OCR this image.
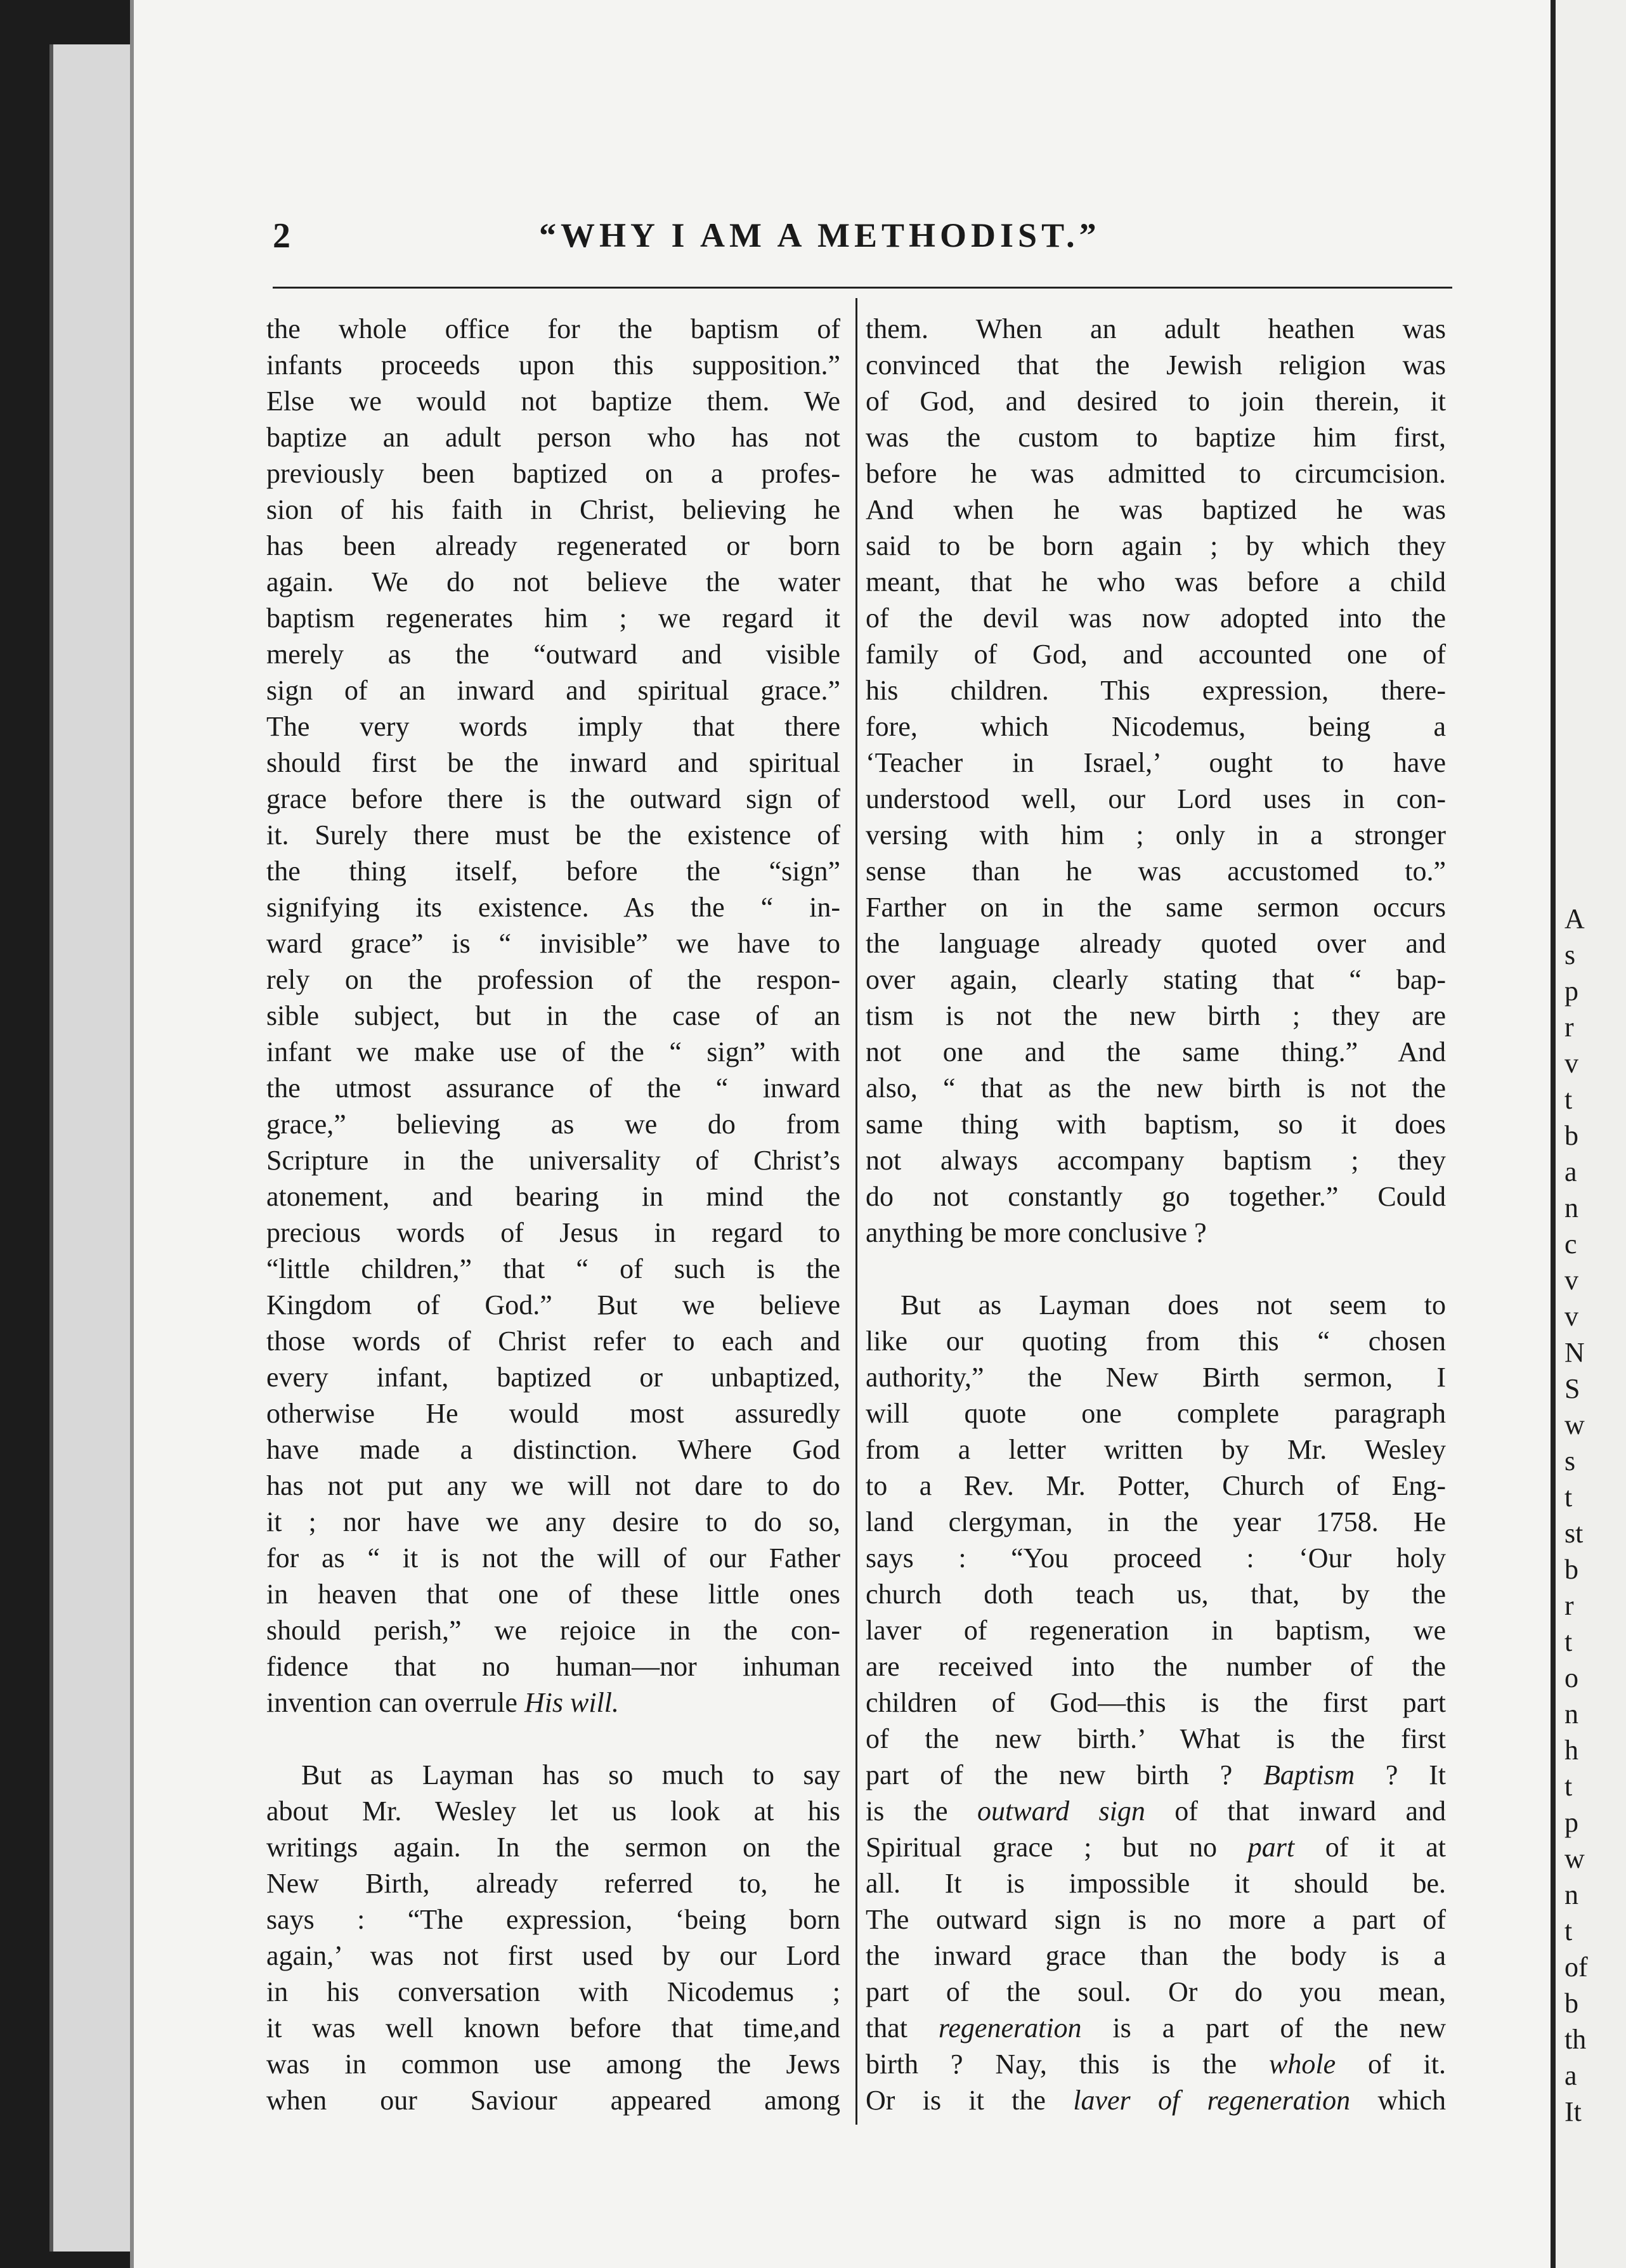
2	“WHY I AM A METHODIST.”
the whole office for the baptism of
infants proceeds upon this supposition.”
Else we would not baptize them. We
baptize an adult person who has not
previously been baptized on a profes-
sion of his faith in Christ, believing he
has been already regenerated or born
again. We do not believe the water
baptism regenerates him ; we regard it
merely as the “outward and visible
sign of an inward and spiritual grace.”
The very words imply that there
should first be the inward and spiritual
grace before there is the outward sign of
it. Surely there must be the existence of
the thing itself, before the “sign”
signifying its existence. As the “ in-
ward grace” is “ invisible” we have to
rely on the profession of the respon-
sible subject, but in the case of an
infant we make use of the “ sign” with
the utmost assurance of the “ inward
grace,” believing as we do from
Scripture in the universality of Christ’s
atonement, and bearing in mind the
precious words of Jesus in regard to
“little children,” that “ of such is the
Kingdom of God.” But we believe
those words of Christ refer to each and
every infant, baptized or unbaptized,
otherwise He would most assuredly
have made a distinction. Where God
has not put any we will not dare to do
it ; nor have we any desire to do so,
for as “ it is not the will of our Father
in heaven that one of these little ones
should perish,” we rejoice in the con-
fidence that no human—nor inhuman
invention can overrule His will.
But as Layman has so much to say
about Mr. Wesley let us look at his
writings again. In the sermon on the
New Birth, already referred to, he
says : “The expression, ‘being born
again,’ was not first used by our Lord
in his conversation with Nicodemus ;
it was well known before that time,and
was in common use among the Jews
when our Saviour appeared among
them. When an adult heathen was
convinced that the Jewish religion was
of God, and desired to join therein, it
was the custom to baptize him first,
before he was admitted to circumcision.
And when he was baptized he was
said to be born again ; by which they
meant, that he who was before a child
of the devil was now adopted into the
family of God, and accounted one of
his children. This expression, there-
fore, which Nicodemus, being a
‘Teacher in Israel,’ ought to have
understood well, our Lord uses in con-
versing with him ; only in a stronger
sense than he was accustomed to.”
Farther on in the same sermon occurs
the language already quoted over and
over again, clearly stating that “ bap-
tism is not the new birth ; they are
not one and the same thing.” And
also, “ that as the new birth is not the
same thing with baptism, so it does
not always accompany baptism ; they
do not constantly go together.” Could
anything be more conclusive ?
But as Layman does not seem to
like our quoting from this “ chosen
authority,” the New Birth sermon, I
will quote one complete paragraph
from a letter written by Mr. Wesley
to a Rev. Mr. Potter, Church of Eng-
land clergyman, in the year 1758. He
says : “You proceed : ‘Our holy
church doth teach us, that, by the
laver of regeneration in baptism, we
are received into the number of the
children of God—this is the first part
of the new birth.’ What is the first
part of the new birth ? Baptism ? It
is the outward sign of that inward and
Spiritual grace ; but no part of it at
all. It is impossible it should be.
The outward sign is no more a part of
the inward grace than the body is a
part of the soul. Or do you mean,
that regeneration is a part of the new
birth ? Nay, this is the whole of it.
Or is it the laver of regeneration which
A
s
p
r
v
t
b
a
n
c
v
v
N
S
w
s
t
st
b
r
t
o
n
h
t
p
w
n
t
of
b
th
a
It
